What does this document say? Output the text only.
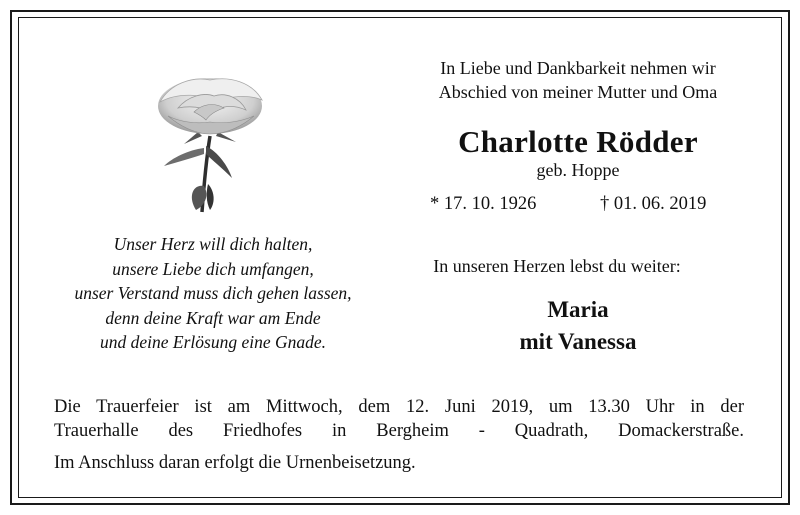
Unser Herz will dich halten,
unsere Liebe dich umfangen,
unser Verstand muss dich gehen lassen,
denn deine Kraft war am Ende
und deine Erlösung eine Gnade.
In Liebe und Dankbarkeit nehmen wir
Abschied von meiner Mutter und Oma
Charlotte Rödder
geb. Hoppe
* 17. 10. 1926	† 01. 06. 2019
In unseren Herzen lebst du weiter:
Maria
mit Vanessa
Die Trauerfeier ist am Mittwoch, dem 12. Juni 2019, um 13.30 Uhr in der
Trauerhalle des Friedhofes in Bergheim - Quadrath, Domackerstraße.
Im Anschluss daran erfolgt die Urnenbeisetzung.
